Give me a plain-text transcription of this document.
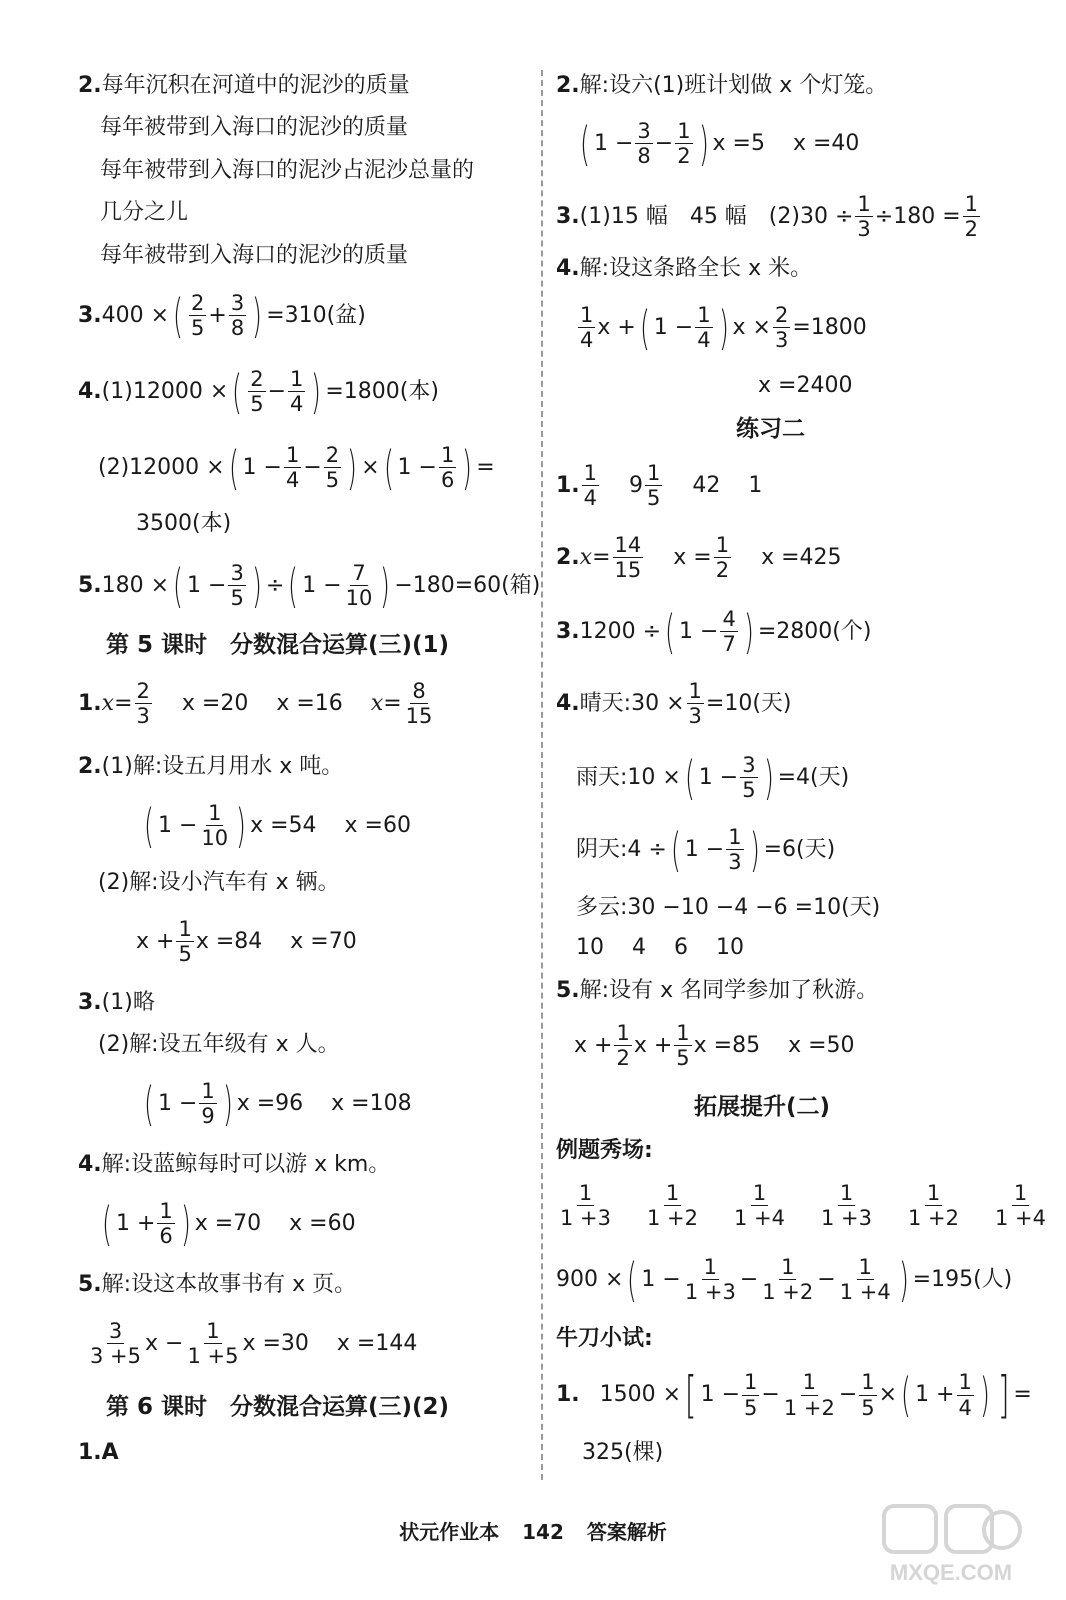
2. 每年沉积在河道中的泥沙的质量
每年被带到入海口的泥沙的质量
每年被带到入海口的泥沙占泥沙总量的
几分之儿
每年被带到入海口的泥沙的质量
3. 400 × ( $\frac{2}{5} + \frac{3}{8}$ ) =310(盆)
4. (1)12000 × ( $\frac{2}{5} - \frac{1}{4}$ ) =1800(本)
(2)12000 × ( $1 - \frac{1}{4} - \frac{2}{5}$ ) × ( $1 - \frac{1}{6}$ ) =
3500(本)
5. 180 × ( $1 - \frac{3}{5}$ ) ÷ ( $1 - \frac{7}{10}$ ) −180=60(箱)
第 5 课时　分数混合运算(三)(1)
1. $x = \frac{2}{3}$ x =20 x =16 $x = \frac{8}{15}$
2. (1)解:设五月用水 x 吨。
( $1 - \frac{1}{10}$ ) x =54 x =60
(2)解:设小汽车有 x 辆。
$x + \frac{1}{5}$ x =84 x =70
3. (1)略
(2)解:设五年级有 x 人。
( $1 - \frac{1}{9}$ ) x =96 x =108
4. 解:设蓝鲸每时可以游 x km。
( $1 + \frac{1}{6}$ ) x =70 x =60
5. 解:设这本故事书有 x 页。
$\frac{3}{3 +5}$ $x - \frac{1}{1 +5}$ x =30 x =144
第 6 课时　分数混合运算(三)(2)
1. A
2. 解:设六(1)班计划做 x 个灯笼。
( $1 - \frac{3}{8} - \frac{1}{2}$ ) x =5 x =40
3. (1)15 幅　45 幅　$(2)30 \div \frac{1}{3} \div 180 = \frac{1}{2}$
4. 解:设这条路全长 x 米。
$\frac{1}{4}$ x + ( $1 - \frac{1}{4}$ ) $x \times \frac{2}{3} =1800$
x =2400
练习二
1. $\frac{1}{4} 9 \frac{1}{5} 42$ 1
2. $x = \frac{14}{15}$ $x = \frac{1}{2}$ x =425
3. 1200 ÷ ( $1 - \frac{4}{7}$ ) =2800(个)
4. 晴天:30 × $\frac{1}{3} =10$(天)
雨天:10 × ( $1 - \frac{3}{5}$ ) =4(天)
阴天:4 ÷ ( $1 - \frac{1}{3}$ ) =6(天)
多云:30 −10 −4 −6 =10(天)
10 4 6 10
5. 解:设有 x 名同学参加了秋游。
$x + \frac{1}{2}$ $x + \frac{1}{5}$ x =85 x =50
拓展提升(二)
例题秀场:
$\frac{1}{1 +3} \frac{1}{1 +2} \frac{1}{1 +4} \frac{1}{1 +3} \frac{1}{1 +2} \frac{1}{1 +4}$
900 × ( $1 - \frac{1}{1 +3} - \frac{1}{1 +2} - \frac{1}{1 +4}$ ) =195(人)
牛刀小试:
1. 1500 × [ $1 - \frac{1}{5} - \frac{1}{1 +2} - \frac{1}{5}$ × ( $1 + \frac{1}{4}$ ) ] =
325(棵)
状元作业本 142 答案解析
MXQE.COM
